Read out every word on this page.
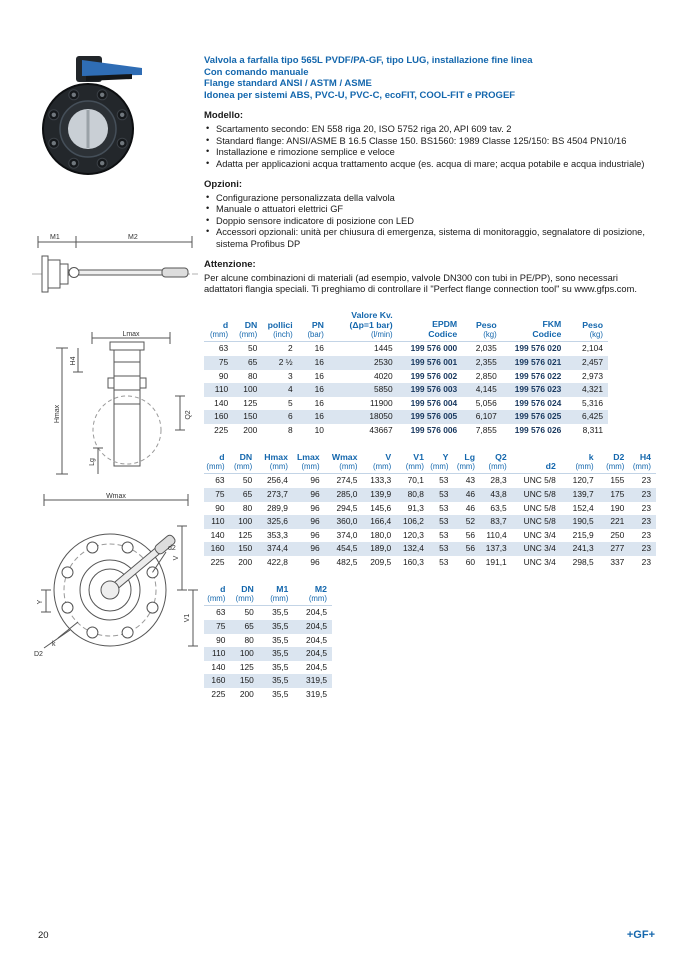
M1	M2
Lmax
Hmax
H4
Q2
Lg
Wmax
d2
V
V1
Y
D2
k
Valvola a farfalla tipo 565L PVDF/PA-GF, tipo LUG, installazione fine linea
Con comando manuale
Flange standard ANSI / ASTM / ASME
Idonea per sistemi ABS, PVC-U, PVC-C, ecoFIT, COOL-FIT e PROGEF
Modello:
• Scartamento secondo: EN 558 riga 20, ISO 5752 riga 20, API 609 tav. 2
• Standard flange: ANSI/ASME B 16.5 Classe 150. BS1560: 1989 Classe 125/150: BS 4504 PN10/16
• Installazione e rimozione semplice e veloce
• Adatta per applicazioni acqua trattamento acque (es. acqua di mare; acqua potabile e acqua industriale)
Opzioni:
• Configurazione personalizzata della valvola
• Manuale o attuatori elettrici GF
• Doppio sensore indicatore di posizione con LED
• Accessori opzionali: unità per chiusura di emergenza, sistema di monitoraggio, segnalatore di posizione, sistema Profibus DP
Attenzione:

Per alcune combinazioni di materiali (ad esempio, valvole DN300 con tubi in PE/PP), sono necessari adattatori flangia speciali. Ti preghiamo di controllare il "Perfect flange connection tool" su www.gfps.com.

d
(mm)

DN
(mm)

pollici
(inch)

PN
(bar)

Valore Kv.
(Δp=1 bar)
(l/min)

EPDM
Codice

Peso
(kg)

FKM
Codice

Peso
(kg)

63	50	2	16	1445	199 576 000	2,035	199 576 020	2,104
75	65	2 ½	16	2530	199 576 001	2,355	199 576 021	2,457
90	80	3	16	4020	199 576 002	2,850	199 576 022	2,973
110	100	4	16	5850	199 576 003	4,145	199 576 023	4,321
140	125	5	16	11900	199 576 004	5,056	199 576 024	5,316
160	150	6	16	18050	199 576 005	6,107	199 576 025	6,425
225	200	8	10	43667	199 576 006	7,855	199 576 026	8,311
d
(mm)

DN
(mm)

Hmax
(mm)

Lmax
(mm)

Wmax
(mm)

V
(mm)

V1
(mm)

Y
(mm)

Lg
(mm)

Q2
(mm)	d2

k
(mm)

D2
(mm)

H4
(mm)

63	50	256,4	96	274,5	133,3	70,1	53	43	28,3	UNC 5/8	120,7	155	23
75	65	273,7	96	285,0	139,9	80,8	53	46	43,8	UNC 5/8	139,7	175	23
90	80	289,9	96	294,5	145,6	91,3	53	46	63,5	UNC 5/8	152,4	190	23
110	100	325,6	96	360,0	166,4	106,2	53	52	83,7	UNC 5/8	190,5	221	23
140	125	353,3	96	374,0	180,0	120,3	53	56	110,4	UNC 3/4	215,9	250	23
160	150	374,4	96	454,5	189,0	132,4	53	56	137,3	UNC 3/4	241,3	277	23
225	200	422,8	96	482,5	209,5	160,3	53	60	191,1	UNC 3/4	298,5	337	23
d
(mm)

DN
(mm)

M1
(mm)

M2
(mm)

63	50	35,5	204,5
75	65	35,5	204,5
90	80	35,5	204,5
110	100	35,5	204,5
140	125	35,5	204,5
160	150	35,5	319,5
225	200	35,5	319,5
20	+GF+
